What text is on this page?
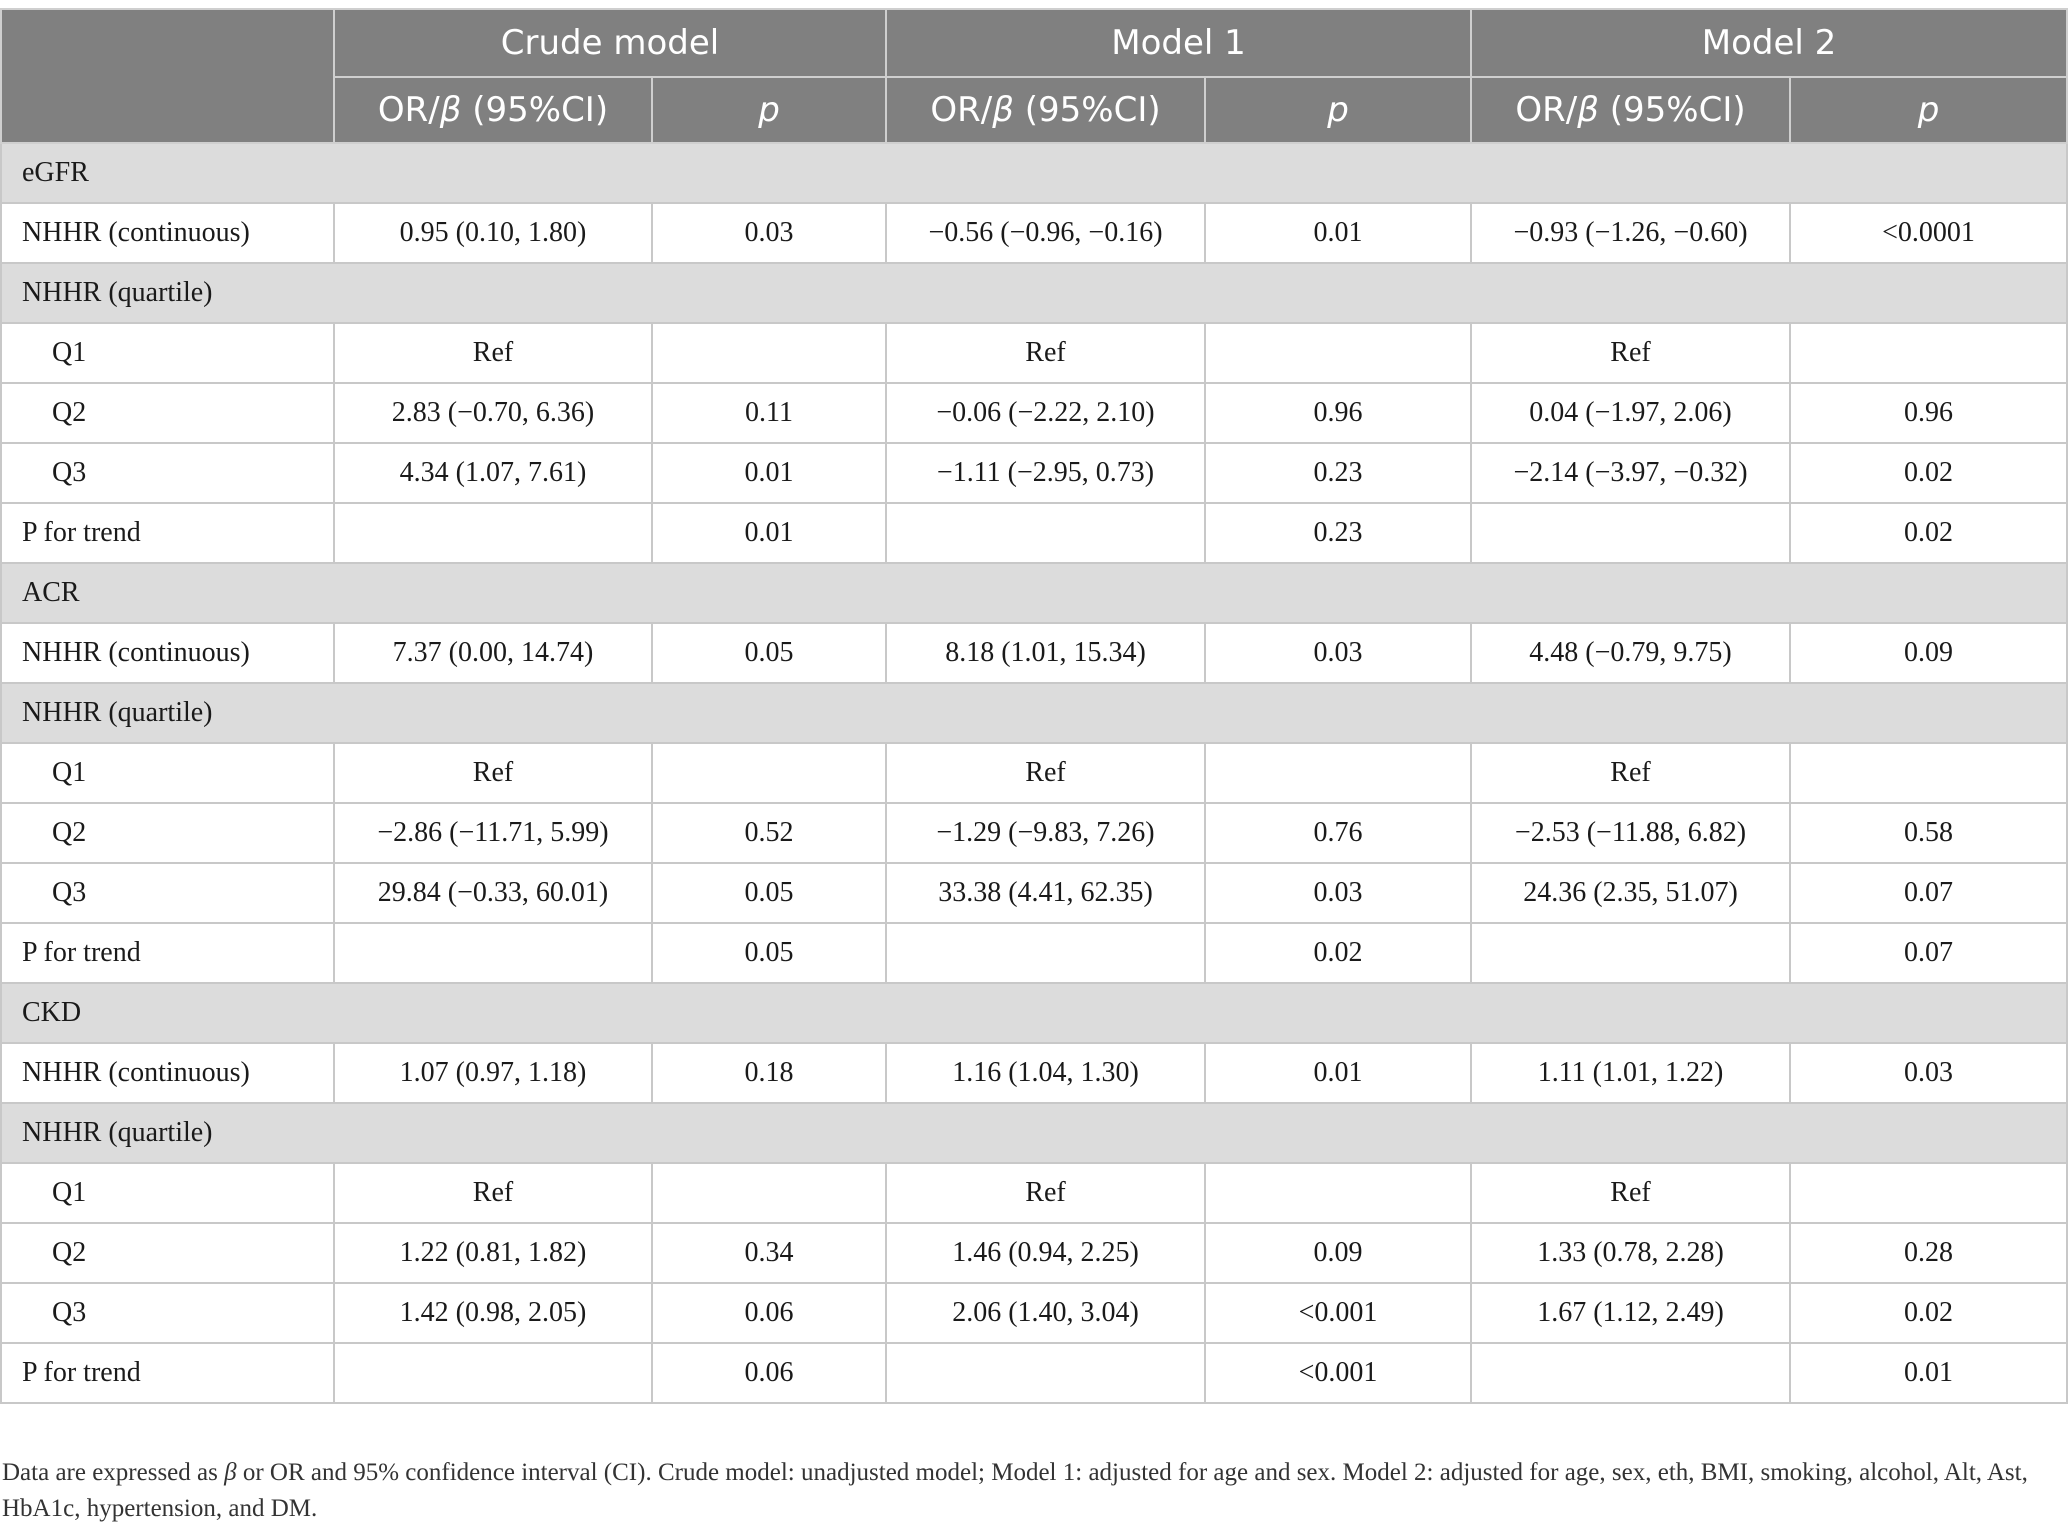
	Crude model		Model 1		Model 2	
	OR/β (95%CI)	p	OR/β (95%CI)	p	OR/β (95%CI)	p
eGFR						
NHHR (continuous)	0.95 (0.10, 1.80)	0.03	−0.56 (−0.96, −0.16)	0.01	−0.93 (−1.26, −0.60)	<0.0001
NHHR (quartile)						
Q1	Ref		Ref		Ref	
Q2	2.83 (−0.70, 6.36)	0.11	−0.06 (−2.22, 2.10)	0.96	0.04 (−1.97, 2.06)	0.96
Q3	4.34 (1.07, 7.61)	0.01	−1.11 (−2.95, 0.73)	0.23	−2.14 (−3.97, −0.32)	0.02
P for trend		0.01		0.23		0.02
ACR						
NHHR (continuous)	7.37 (0.00, 14.74)	0.05	8.18 (1.01, 15.34)	0.03	4.48 (−0.79, 9.75)	0.09
NHHR (quartile)						
Q1	Ref		Ref		Ref	
Q2	−2.86 (−11.71, 5.99)	0.52	−1.29 (−9.83, 7.26)	0.76	−2.53 (−11.88, 6.82)	0.58
Q3	29.84 (−0.33, 60.01)	0.05	33.38 (4.41, 62.35)	0.03	24.36 (2.35, 51.07)	0.07
P for trend		0.05		0.02		0.07
CKD						
NHHR (continuous)	1.07 (0.97, 1.18)	0.18	1.16 (1.04, 1.30)	0.01	1.11 (1.01, 1.22)	0.03
NHHR (quartile)						
Q1	Ref		Ref		Ref	
Q2	1.22 (0.81, 1.82)	0.34	1.46 (0.94, 2.25)	0.09	1.33 (0.78, 2.28)	0.28
Q3	1.42 (0.98, 2.05)	0.06	2.06 (1.40, 3.04)	<0.001	1.67 (1.12, 2.49)	0.02
P for trend		0.06		<0.001		0.01
Data are expressed as β or OR and 95% confidence interval (CI). Crude model: unadjusted model; Model 1: adjusted for age and sex. Model 2: adjusted for age, sex, eth, BMI, smoking, alcohol, Alt, Ast, HbA1c, hypertension, and DM.
